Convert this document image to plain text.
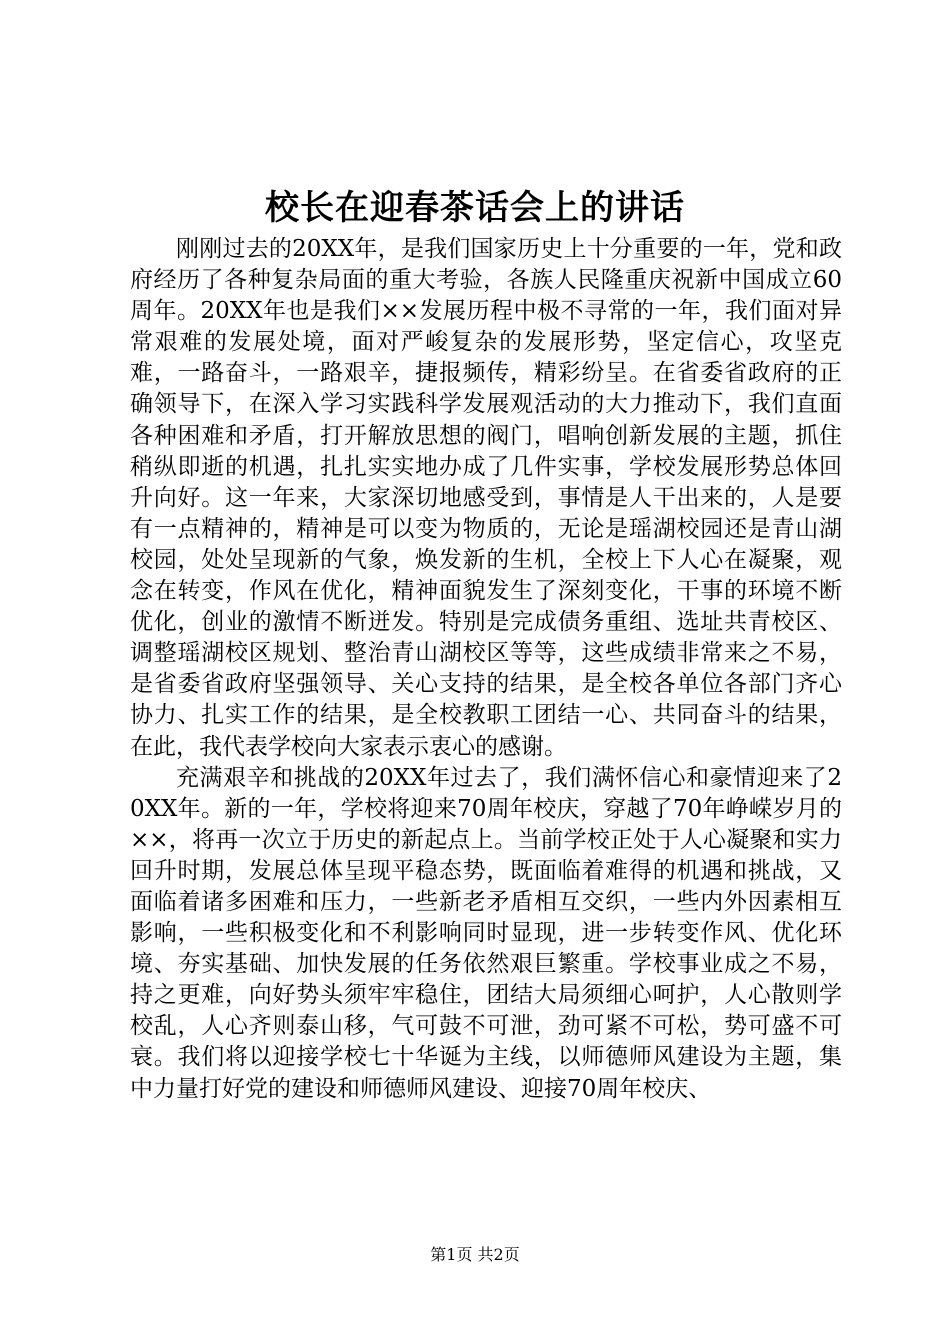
校长在迎春茶话会上的讲话

刚刚过去的20XX年，是我们国家历史上十分重要的一年，党和政府经历了各种复杂局面的重大考验，各族人民隆重庆祝新中国成立60周年。20XX年也是我们××发展历程中极不寻常的一年，我们面对异常艰难的发展处境，面对严峻复杂的发展形势，坚定信心，攻坚克难，一路奋斗，一路艰辛，捷报频传，精彩纷呈。在省委省政府的正确领导下，在深入学习实践科学发展观活动的大力推动下，我们直面各种困难和矛盾，打开解放思想的阀门，唱响创新发展的主题，抓住稍纵即逝的机遇，扎扎实实地办成了几件实事，学校发展形势总体回升向好。这一年来，大家深切地感受到，事情是人干出来的，人是要有一点精神的，精神是可以变为物质的，无论是瑶湖校园还是青山湖校园，处处呈现新的气象，焕发新的生机，全校上下人心在凝聚，观念在转变，作风在优化，精神面貌发生了深刻变化，干事的环境不断优化，创业的激情不断迸发。特别是完成债务重组、选址共青校区、调整瑶湖校区规划、整治青山湖校区等等，这些成绩非常来之不易，是省委省政府坚强领导、关心支持的结果，是全校各单位各部门齐心协力、扎实工作的结果，是全校教职工团结一心、共同奋斗的结果，在此，我代表学校向大家表示衷心的感谢。

充满艰辛和挑战的20XX年过去了，我们满怀信心和豪情迎来了20XX年。新的一年，学校将迎来70周年校庆，穿越了70年峥嵘岁月的××，将再一次立于历史的新起点上。当前学校正处于人心凝聚和实力回升时期，发展总体呈现平稳态势，既面临着难得的机遇和挑战，又面临着诸多困难和压力，一些新老矛盾相互交织，一些内外因素相互影响，一些积极变化和不利影响同时显现，进一步转变作风、优化环境、夯实基础、加快发展的任务依然艰巨繁重。学校事业成之不易，持之更难，向好势头须牢牢稳住，团结大局须细心呵护，人心散则学校乱，人心齐则泰山移，气可鼓不可泄，劲可紧不可松，势可盛不可衰。我们将以迎接学校七十华诞为主线，以师德师风建设为主题，集中力量打好党的建设和师德师风建设、迎接70周年校庆、

第1页 共2页
